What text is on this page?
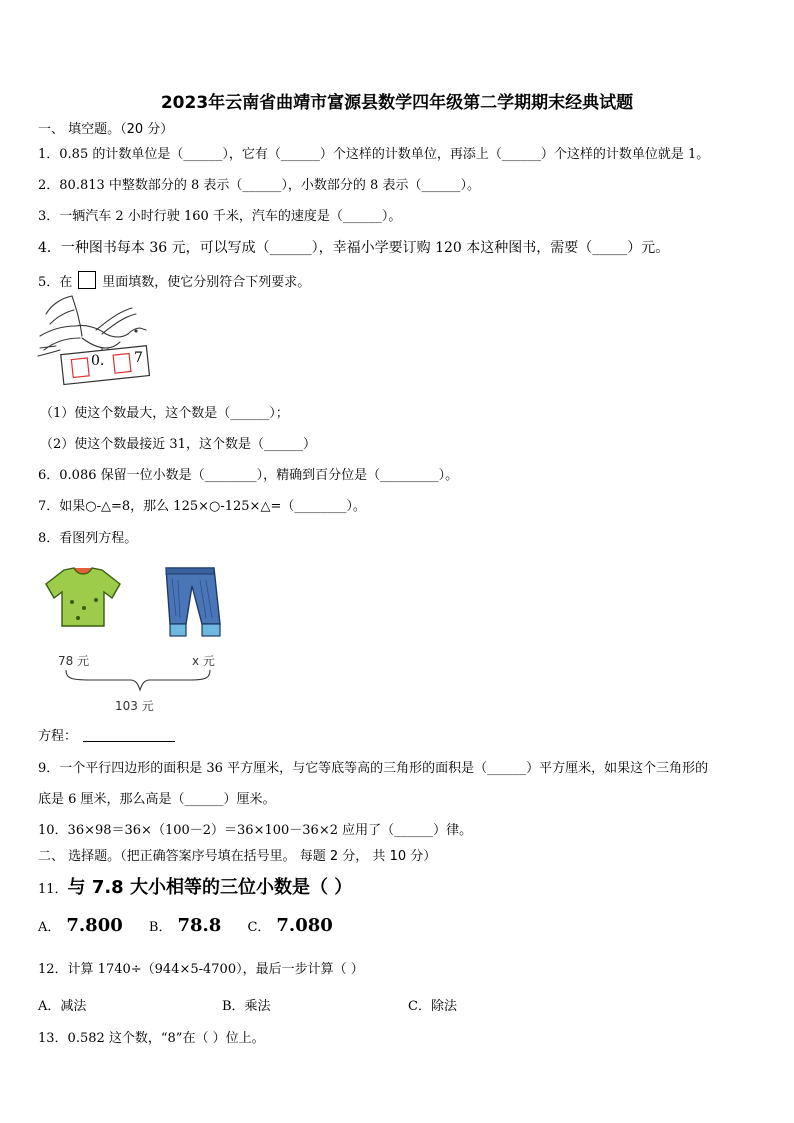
2023年云南省曲靖市富源县数学四年级第二学期期末经典试题
一、 填空题。（20 分）
1．0.85 的计数单位是（______），它有（______）个这样的计数单位，再添上（______）个这样的计数单位就是 1。
2．80.813 中整数部分的 8 表示（______），小数部分的 8 表示（______）。
3．一辆汽车 2 小时行驶 160 千米，汽车的速度是（______）。
4．一种图书每本 36 元，可以写成（______），幸福小学要订购 120 本这种图书，需要（_____）元。
5．在 里面填数，使它分别符合下列要求。
0. 7
（1）使这个数最大，这个数是（______）；
（2）使这个数最接近 31，这个数是（______）
6．0.086 保留一位小数是（________），精确到百分位是（_________）。
7．如果○-△=8，那么 125×○-125×△=（________）。
8．看图列方程。
78 元	x 元
103 元
方程：
9．一个平行四边形的面积是 36 平方厘米，与它等底等高的三角形的面积是（______）平方厘米，如果这个三角形的
底是 6 厘米，那么高是（______）厘米。
10．36×98＝36×（100－2）＝36×100－36×2 应用了（______）律。
二、 选择题。（把正确答案序号填在括号里。 每题 2 分， 共 10 分）
11．与 7.8 大小相等的三位小数是（ ）
A． 7.800 B． 78.8 C． 7.080
12．计算 1740÷（944×5-4700），最后一步计算（ ）
A．减法	B．乘法	C．除法
13．0.582 这个数，“8”在（ ）位上。
